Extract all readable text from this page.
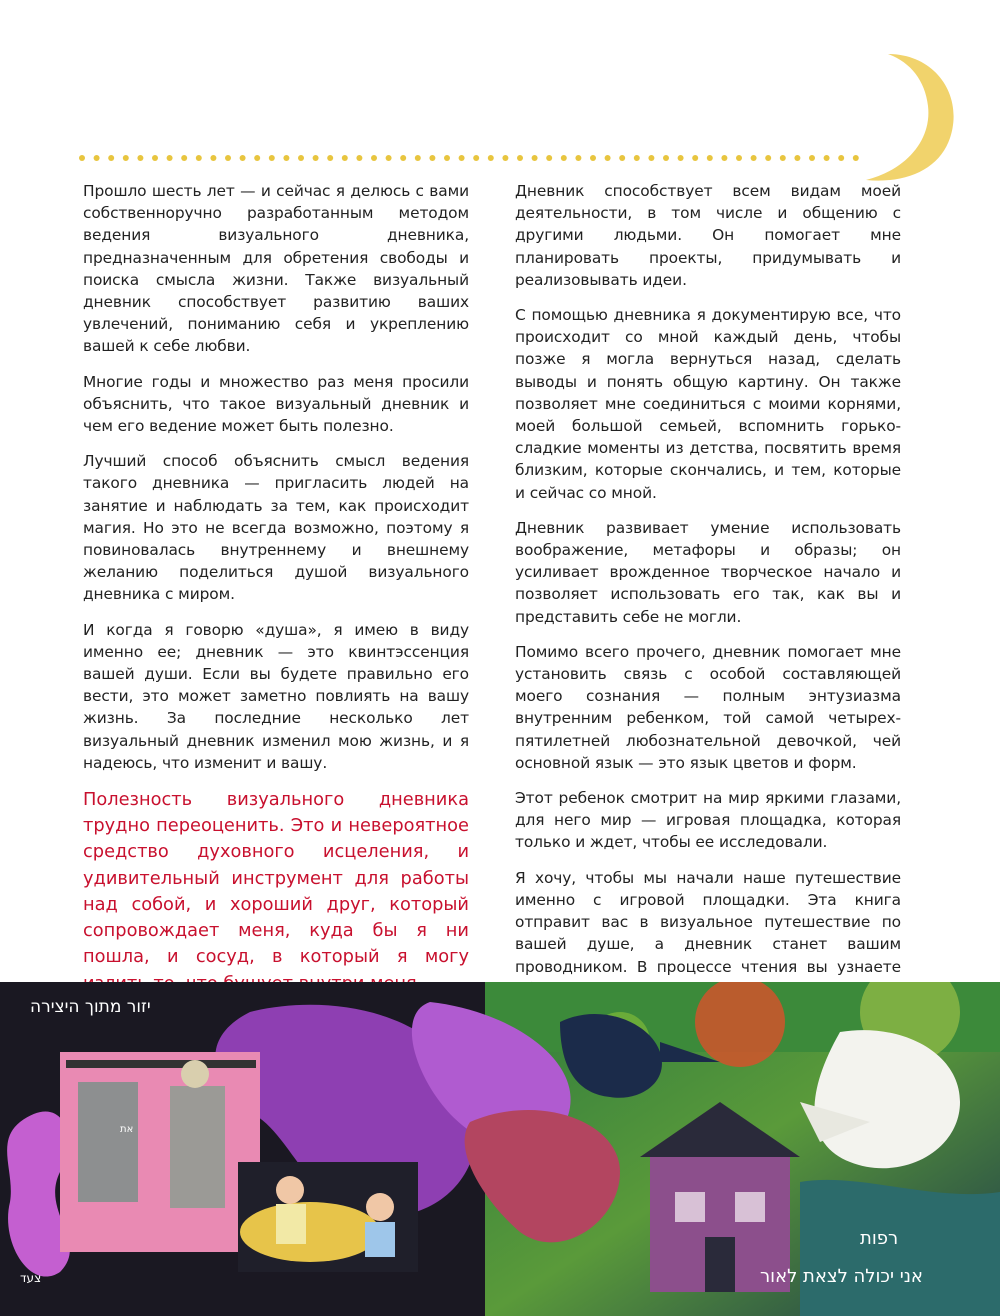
Прошло шесть лет — и сейчас я делюсь с вами собственноручно разработанным методом ведения визуального дневника, предназначенным для обретения свободы и поиска смысла жизни. Также визуальный дневник способствует развитию ваших увлечений, пониманию себя и укреплению вашей к себе любви.

Многие годы и множество раз меня просили объяснить, что такое визуальный дневник и чем его ведение может быть полезно.

Лучший способ объяснить смысл ведения такого дневника — пригласить людей на занятие и наблюдать за тем, как происходит магия. Но это не всегда возможно, поэтому я повиновалась внутреннему и внешнему желанию поделиться душой визуального дневника с миром.

И когда я говорю «душа», я имею в виду именно ее; дневник — это квинтэссенция вашей души. Если вы будете правильно его вести, это может заметно повлиять на вашу жизнь. За последние несколько лет визуальный дневник изменил мою жизнь, и я надеюсь, что изменит и вашу.

Полезность визуального дневника трудно переоценить. Это и невероятное средство духовного исцеления, и удивительный инструмент для работы над собой, и хороший друг, который сопровождает меня, куда бы я ни пошла, и сосуд, в который я могу

Дневник способствует всем видам моей деятельности, в том числе и общению с другими людьми. Он помогает мне планировать проекты, придумывать и реализовывать идеи.

С помощью дневника я документирую все, что происходит со мной каждый день, чтобы позже я могла вернуться назад, сделать выводы и понять общую картину. Он также позволяет мне соединиться с моими корнями, моей большой семьей, вспомнить горько-сладкие моменты из детства, посвятить время близким, которые скончались, и тем, которые и сейчас со мной.

Дневник развивает умение использовать воображение, метафоры и образы; он усиливает врожденное творческое начало и позволяет использовать его так, как вы и представить себе не могли.

Помимо всего прочего, дневник помогает мне установить связь с особой составляющей моего сознания — полным энтузиазма внутренним ребенком, той самой четырех-пятилетней любознательной девочкой, чей основной язык — это язык цветов и форм.

Этот ребенок смотрит на мир яркими глазами, для него мир — игровая площадка, которая только и ждет, чтобы ее исследовали.

Я хочу, чтобы мы начали наше путешествие именно с игровой площадки. Эта книга отправит вас в визуальное путешествие по вашей душе, а дневник станет вашим проводником. В процессе чтения вы узнаете

יזור מתוך היצירה
רפות
אני יכולה לצאת לאור
את
צעד
